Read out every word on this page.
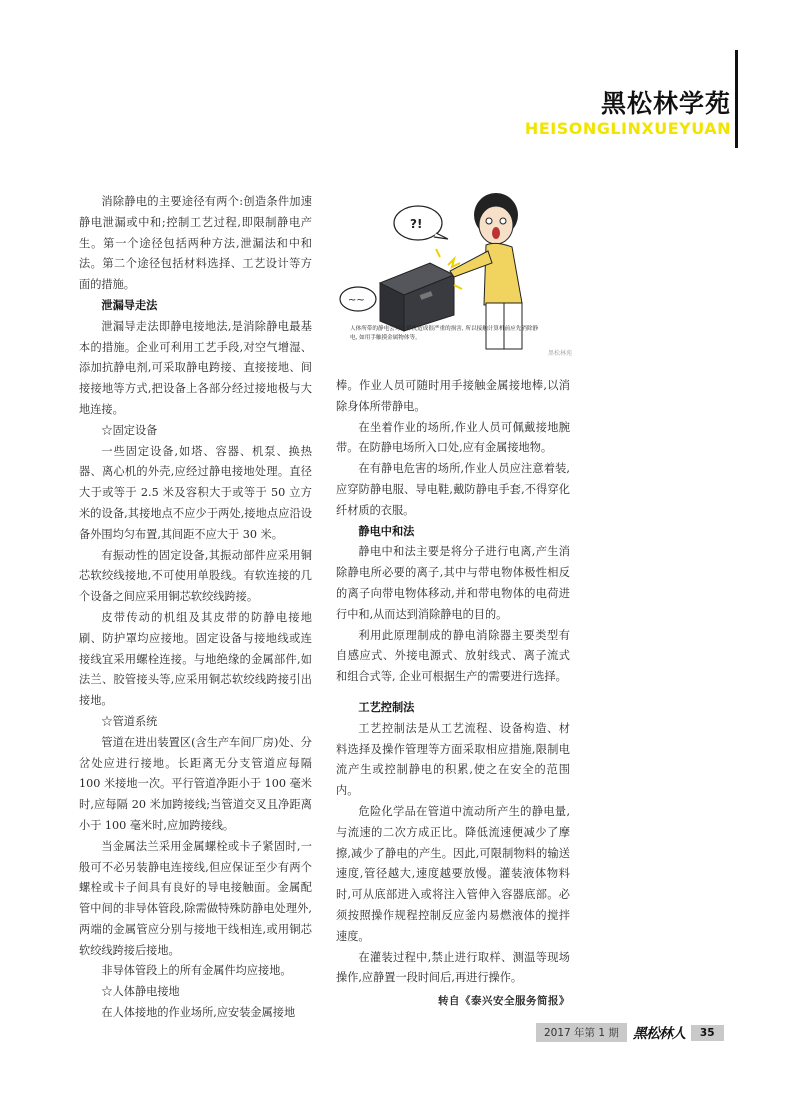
黑松林学苑
HEISONGLINXUEYUAN

消除静电的主要途径有两个:创造条件加速静电泄漏或中和;控制工艺过程,即限制静电产生。第一个途径包括两种方法,泄漏法和中和法。第二个途径包括材料选择、工艺设计等方面的措施。

泄漏导走法

泄漏导走法即静电接地法,是消除静电最基本的措施。企业可利用工艺手段,对空气增湿、添加抗静电剂,可采取静电跨接、直接接地、间接接地等方式,把设备上各部分经过接地极与大地连接。

☆固定设备

一些固定设备,如塔、容器、机泵、换热器、离心机的外壳,应经过静电接地处理。直径大于或等于 2.5 米及容积大于或等于 50 立方米的设备,其接地点不应少于两处,接地点应沿设备外围均匀布置,其间距不应大于 30 米。

有振动性的固定设备,其振动部件应采用铜芯软绞线接地,不可使用单股线。有软连接的几个设备之间应采用铜芯软绞线跨接。

皮带传动的机组及其皮带的防静电接地刷、防护罩均应接地。固定设备与接地线或连接线宜采用螺栓连接。与地绝缘的金属部件,如法兰、胶管接头等,应采用铜芯软绞线跨接引出接地。

☆管道系统

管道在进出装置区(含生产车间厂房)处、分岔处应进行接地。长距离无分支管道应每隔 100 米接地一次。平行管道净距小于 100 毫米时,应每隔 20 米加跨接线;当管道交叉且净距离小于 100 毫米时,应加跨接线。

当金属法兰采用金属螺栓或卡子紧固时,一般可不必另装静电连接线,但应保证至少有两个螺栓或卡子间具有良好的导电接触面。金属配管中间的非导体管段,除需做特殊防静电处理外,两端的金属管应分别与接地干线相连,或用铜芯软绞线跨接后接地。

非导体管段上的所有金属件均应接地。

☆人体静电接地

在人体接地的作业场所,应安装金属接地

?!
~~
人体所带的静电会对计算机造成很严重的损害, 所以接触计算机前应先消除静电, 如用手触摸金属物体等。
黑松林苑

棒。作业人员可随时用手接触金属接地棒,以消除身体所带静电。

在坐着作业的场所,作业人员可佩戴接地腕带。在防静电场所入口处,应有金属接地物。

在有静电危害的场所,作业人员应注意着装,应穿防静电服、导电鞋,戴防静电手套,不得穿化纤材质的衣服。

静电中和法

静电中和法主要是将分子进行电离,产生消除静电所必要的离子,其中与带电物体极性相反的离子向带电物体移动,并和带电物体的电荷进行中和,从而达到消除静电的目的。

利用此原理制成的静电消除器主要类型有自感应式、外接电源式、放射线式、离子流式和组合式等, 企业可根据生产的需要进行选择。

工艺控制法

工艺控制法是从工艺流程、设备构造、材料选择及操作管理等方面采取相应措施,限制电流产生或控制静电的积累,使之在安全的范围内。

危险化学品在管道中流动所产生的静电量,与流速的二次方成正比。降低流速便减少了摩擦,减少了静电的产生。因此,可限制物料的输送速度,管径越大,速度越要放慢。灌装液体物料时,可从底部进入或将注入管伸入容器底部。必须按照操作规程控制反应釜内易燃液体的搅拌速度。

在灌装过程中,禁止进行取样、测温等现场操作,应静置一段时间后,再进行操作。

转自《泰兴安全服务简报》

2017 年第 1 期	黑松林人	35
